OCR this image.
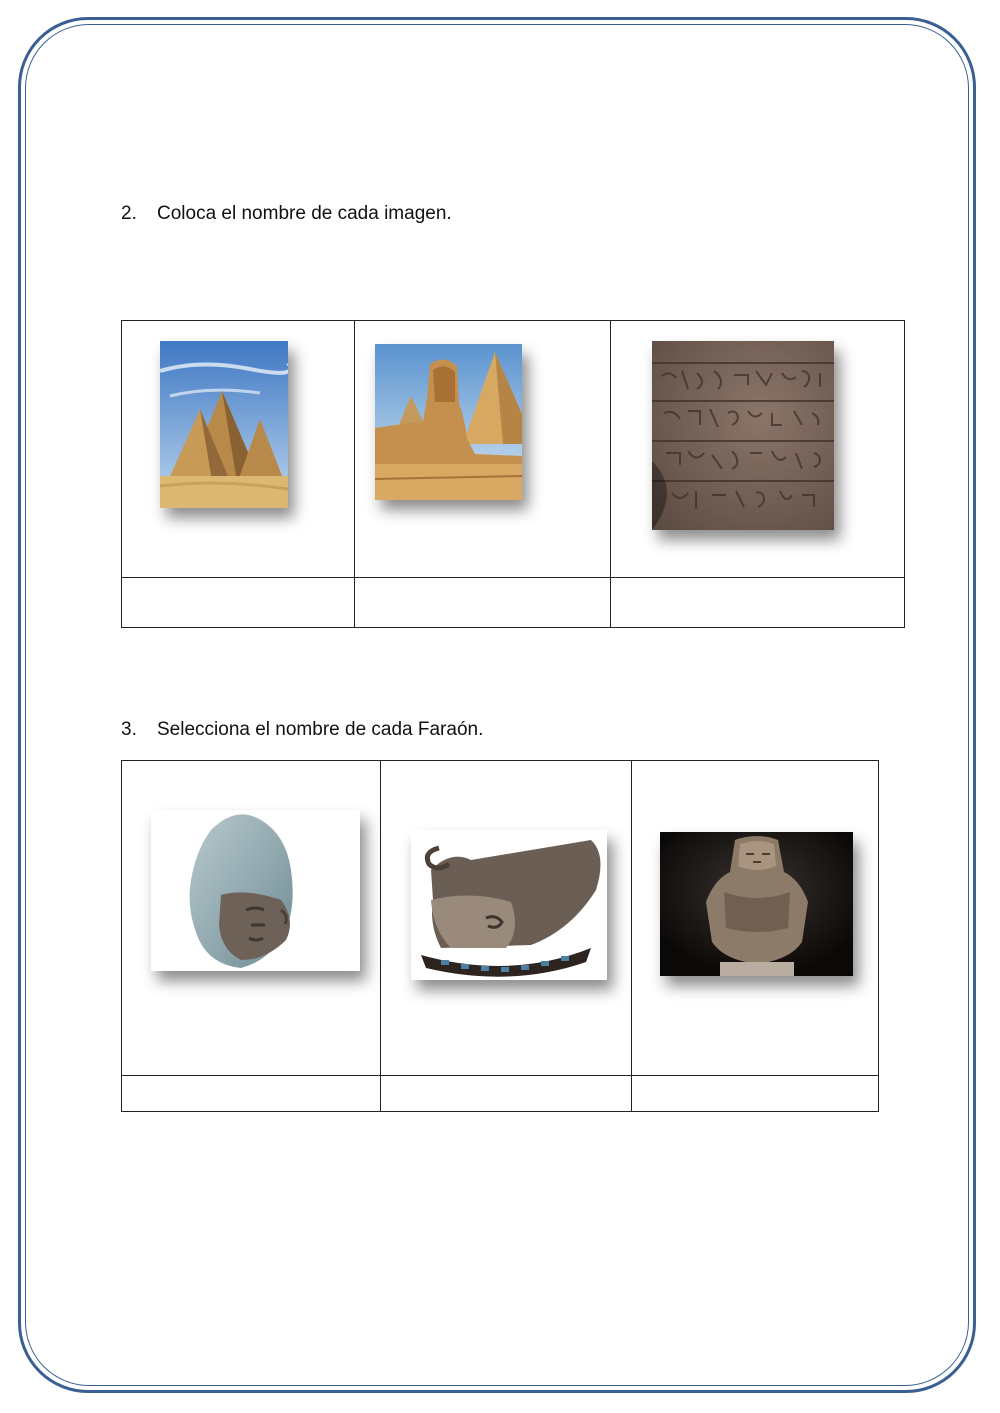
2. Coloca el nombre de cada imagen.

3. Selecciona el nombre de cada Faraón.
